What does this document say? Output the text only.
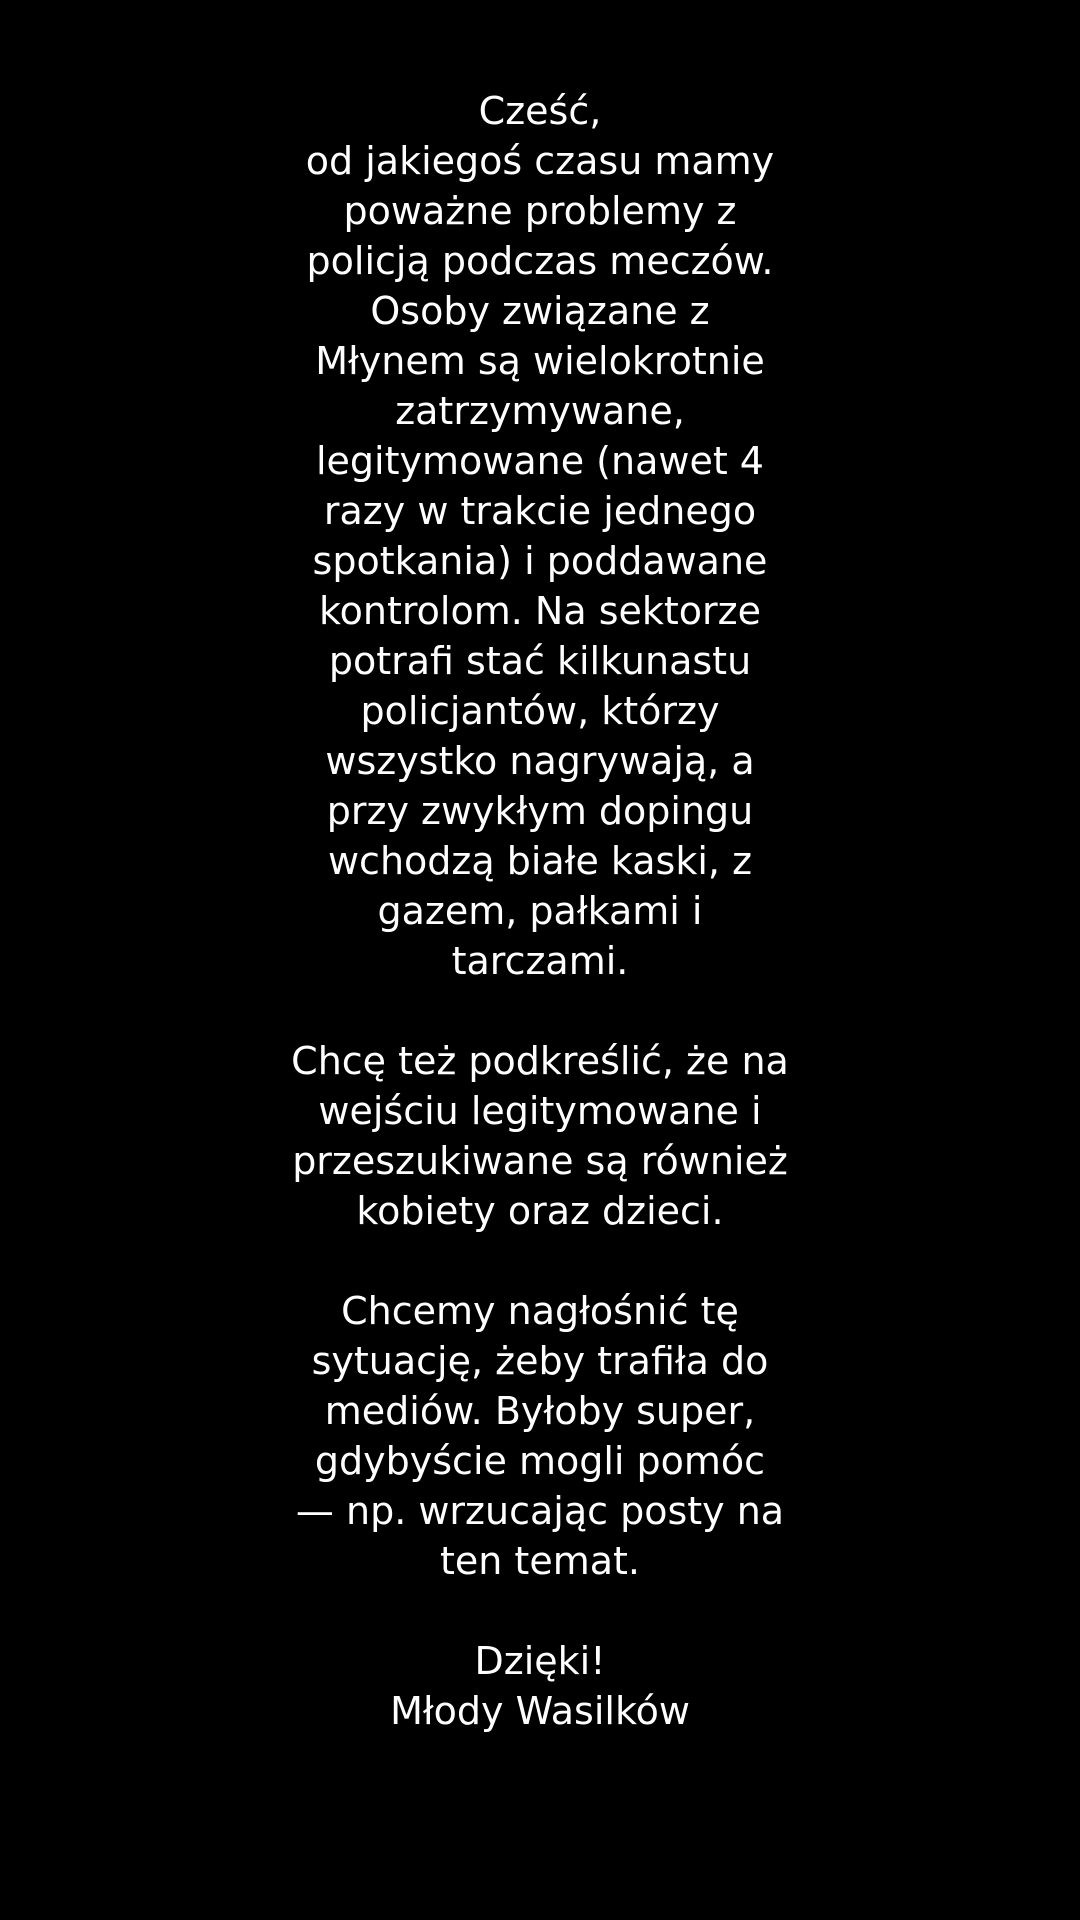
Cześć,
od jakiegoś czasu mamy
poważne problemy z
policją podczas meczów.
Osoby związane z
Młynem są wielokrotnie
zatrzymywane,
legitymowane (nawet 4
razy w trakcie jednego
spotkania) i poddawane
kontrolom. Na sektorze
potrafi stać kilkunastu
policjantów, którzy
wszystko nagrywają, a
przy zwykłym dopingu
wchodzą białe kaski, z
gazem, pałkami i
tarczami.
Chcę też podkreślić, że na
wejściu legitymowane i
przeszukiwane są również
kobiety oraz dzieci.
Chcemy nagłośnić tę
sytuację, żeby trafiła do
mediów. Byłoby super,
gdybyście mogli pomóc
— np. wrzucając posty na
ten temat.
Dzięki!
Młody Wasilków
